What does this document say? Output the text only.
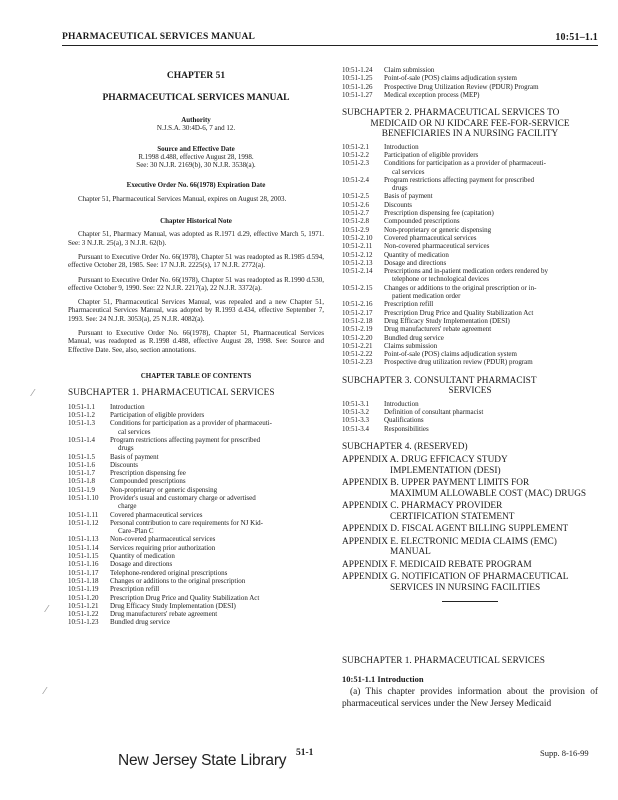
PHARMACEUTICAL SERVICES MANUAL	10:51–1.1
CHAPTER 51
PHARMACEUTICAL SERVICES MANUAL
Authority
N.J.S.A. 30:4D-6, 7 and 12.
Source and Effective Date
R.1998 d.488, effective August 28, 1998.
See: 30 N.J.R. 2169(b), 30 N.J.R. 3538(a).
Executive Order No. 66(1978) Expiration Date
Chapter 51, Pharmaceutical Services Manual, expires on August 28, 2003.
Chapter Historical Note
Chapter 51, Pharmacy Manual, was adopted as R.1971 d.29, effective March 5, 1971. See: 3 N.J.R. 25(a), 3 N.J.R. 62(b).
Pursuant to Executive Order No. 66(1978), Chapter 51 was readopted as R.1985 d.594, effective October 28, 1985. See: 17 N.J.R. 2225(s), 17 N.J.R. 2772(a).
Pursuant to Executive Order No. 66(1978), Chapter 51 was readopted as R.1990 d.530, effective October 9, 1990. See: 22 N.J.R. 2217(a), 22 N.J.R. 3372(a).
Chapter 51, Pharmaceutical Services Manual, was repealed and a new Chapter 51, Pharmaceutical Services Manual, was adopted by R.1993 d.434, effective September 7, 1993. See: 24 N.J.R. 3053(a), 25 N.J.R. 4082(a).
Pursuant to Executive Order No. 66(1978), Chapter 51, Pharmaceutical Services Manual, was readopted as R.1998 d.488, effective August 28, 1998. See: Source and Effective Date. See, also, section annotations.
CHAPTER TABLE OF CONTENTS
SUBCHAPTER 1. PHARMACEUTICAL SERVICES
10:51-1.1	Introduction
10:51-1.2	Participation of eligible providers
10:51-1.3	Conditions for participation as a provider of pharmaceuti-
cal services
10:51-1.4	Program restrictions affecting payment for prescribed
drugs
10:51-1.5	Basis of payment
10:51-1.6	Discounts
10:51-1.7	Prescription dispensing fee
10:51-1.8	Compounded prescriptions
10:51-1.9	Non-proprietary or generic dispensing
10:51-1.10	Provider's usual and customary charge or advertised
charge
10:51-1.11	Covered pharmaceutical services
10:51-1.12	Personal contribution to care requirements for NJ Kid-
Care–Plan C
10:51-1.13	Non-covered pharmaceutical services
10:51-1.14	Services requiring prior authorization
10:51-1.15	Quantity of medication
10:51-1.16	Dosage and directions
10:51-1.17	Telephone-rendered original prescriptions
10:51-1.18	Changes or additions to the original prescription
10:51-1.19	Prescription refill
10:51-1.20	Prescription Drug Price and Quality Stabilization Act
10:51-1.21	Drug Efficacy Study Implementation (DESI)
10:51-1.22	Drug manufacturers' rebate agreement
10:51-1.23	Bundled drug service
10:51-1.24	Claim submission
10:51-1.25	Point-of-sale (POS) claims adjudication system
10:51-1.26	Prospective Drug Utilization Review (PDUR) Program
10:51-1.27	Medical exception process (MEP)
SUBCHAPTER 2. PHARMACEUTICAL SERVICES TO
MEDICAID OR NJ KIDCARE FEE-FOR-SERVICE
BENEFICIARIES IN A NURSING FACILITY
10:51-2.1	Introduction
10:51-2.2	Participation of eligible providers
10:51-2.3	Conditions for participation as a provider of pharmaceuti-
cal services
10:51-2.4	Program restrictions affecting payment for prescribed
drugs
10:51-2.5	Basis of payment
10:51-2.6	Discounts
10:51-2.7	Prescription dispensing fee (capitation)
10:51-2.8	Compounded prescriptions
10:51-2.9	Non-proprietary or generic dispensing
10:51-2.10	Covered pharmaceutical services
10:51-2.11	Non-covered pharmaceutical services
10:51-2.12	Quantity of medication
10:51-2.13	Dosage and directions
10:51-2.14	Prescriptions and in-patient medication orders rendered by
telephone or technological devices
10:51-2.15	Changes or additions to the original prescription or in-
patient medication order
10:51-2.16	Prescription refill
10:51-2.17	Prescription Drug Price and Quality Stabilization Act
10:51-2.18	Drug Efficacy Study Implementation (DESI)
10:51-2.19	Drug manufacturers' rebate agreement
10:51-2.20	Bundled drug service
10:51-2.21	Claims submission
10:51-2.22	Point-of-sale (POS) claims adjudication system
10:51-2.23	Prospective drug utilization review (PDUR) program
SUBCHAPTER 3. CONSULTANT PHARMACIST
SERVICES
10:51-3.1	Introduction
10:51-3.2	Definition of consultant pharmacist
10:51-3.3	Qualifications
10:51-3.4	Responsibilities
SUBCHAPTER 4. (RESERVED)
APPENDIX A. DRUG EFFICACY STUDY
IMPLEMENTATION (DESI)
APPENDIX B. UPPER PAYMENT LIMITS FOR
MAXIMUM ALLOWABLE COST (MAC) DRUGS
APPENDIX C. PHARMACY PROVIDER
CERTIFICATION STATEMENT
APPENDIX D. FISCAL AGENT BILLING SUPPLEMENT
APPENDIX E. ELECTRONIC MEDIA CLAIMS (EMC)
MANUAL
APPENDIX F. MEDICAID REBATE PROGRAM
APPENDIX G. NOTIFICATION OF PHARMACEUTICAL
SERVICES IN NURSING FACILITIES
SUBCHAPTER 1. PHARMACEUTICAL SERVICES
10:51-1.1 Introduction
(a) This chapter provides information about the provision of pharmaceutical services under the New Jersey Medicaid
New Jersey State Library 51-1	Supp. 8-16-99
⁄
⁄
⁄
